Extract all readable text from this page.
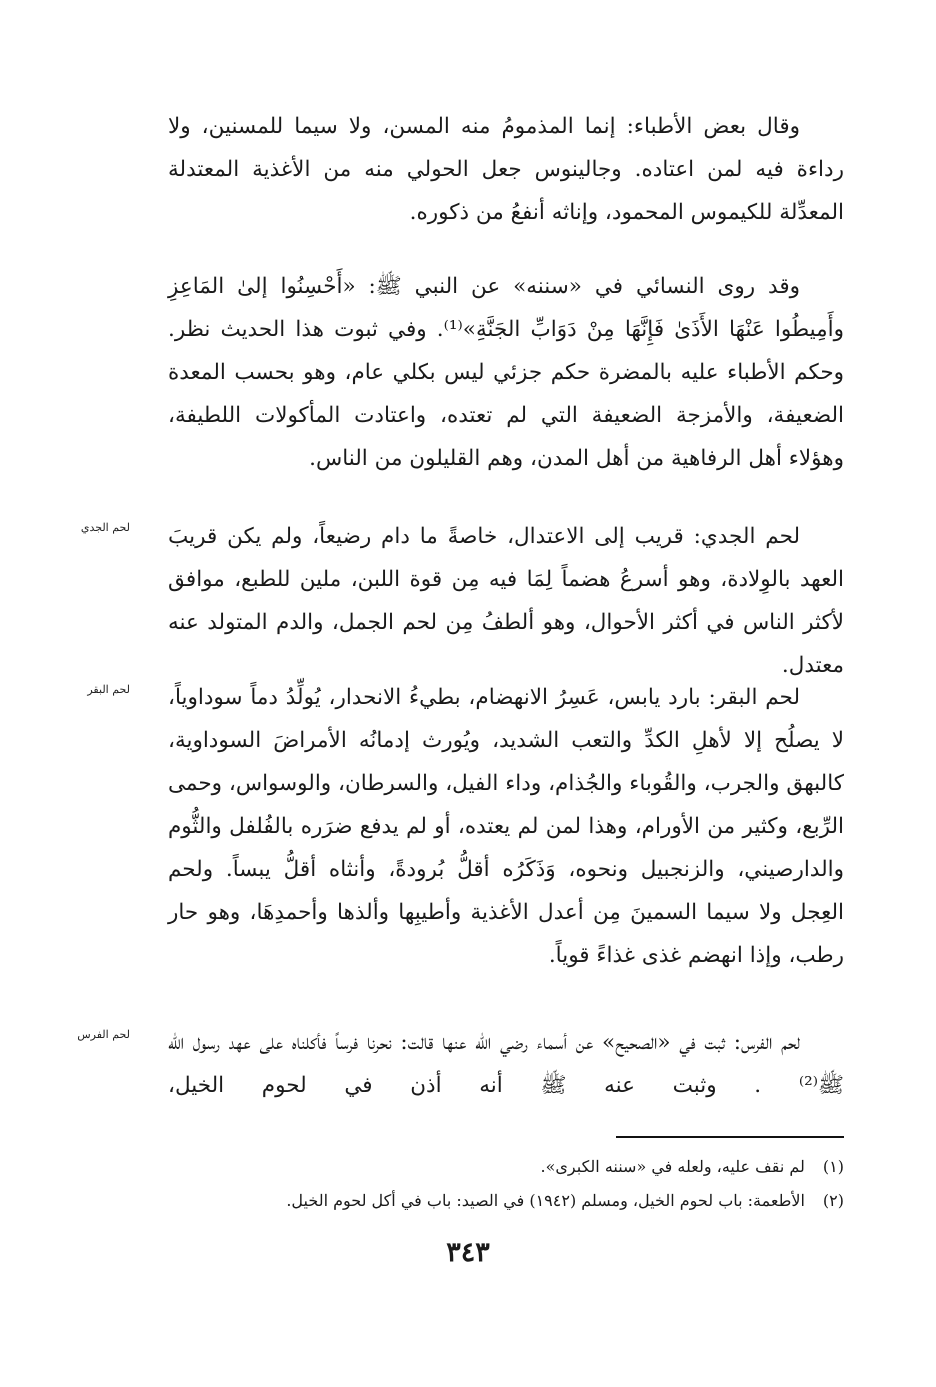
وقال بعض الأطباء: إنما المذمومُ منه المسن، ولا سيما للمسنين، ولا رداءة فيه لمن اعتاده. وجالينوس جعل الحولي منه من الأغذية المعتدلة المعدِّلة للكيموس المحمود، وإناثه أنفعُ من ذكوره.

وقد روى النسائي في «سننه» عن النبي ﷺ: «أَحْسِنُوا إلىٰ المَاعِزِ وأَمِيطُوا عَنْهَا الأَذَىٰ فَإِنَّهَا مِنْ دَوَابِّ الجَنَّةِ»⁽¹⁾. وفي ثبوت هذا الحديث نظر. وحكم الأطباء عليه بالمضرة حكم جزئي ليس بكلي عام، وهو بحسب المعدة الضعيفة، والأمزجة الضعيفة التي لم تعتده، واعتادت المأكولات اللطيفة، وهؤلاء أهل الرفاهية من أهل المدن، وهم القليلون من الناس.

لحم الجدي: قريب إلى الاعتدال، خاصةً ما دام رضيعاً، ولم يكن قريبَ العهد بالوِلادة، وهو أسرعُ هضماً لِمَا فيه مِن قوة اللبن، ملين للطبع، موافق لأكثر الناس في أكثر الأحوال، وهو ألطفُ مِن لحم الجمل، والدم المتولد عنه معتدل.

لحم البقر: بارد يابس، عَسِرُ الانهضام، بطيءُ الانحدار، يُولِّدُ دماً سوداوياً، لا يصلُح إلا لأهلِ الكدِّ والتعب الشديد، ويُورث إدمانُه الأمراضَ السوداوية، كالبهق والجرب، والقُوباء والجُذام، وداء الفيل، والسرطان، والوسواس، وحمى الرِّبع، وكثير من الأورام، وهذا لمن لم يعتده، أو لم يدفع ضرَره بالفُلفل والثُّوم والدارصيني، والزنجبيل ونحوه، وَذَكَرُه أقلُّ بُرودةً، وأنثاه أقلُّ يبساً. ولحم العِجل ولا سيما السمينَ مِن أعدل الأغذية وأطيبِها وألذها وأحمدِهَا، وهو حار رطب، وإذا انهضم غذى غذاءً قوياً.

لحم الفرس: ثبت في «الصحيح» عن أسماء رضي الله عنها قالت: نحرنا فرساً فأكلناه على عهد رسول الله ﷺ⁽²⁾ . وثبت عنه ﷺ أنه أذن في لحوم الخيل،

لحم الجدي
لحم البقر
لحم الفرس

(١) لم نقف عليه، ولعله في «سننه الكبرى».

(٢) الأطعمة: باب لحوم الخيل، ومسلم (١٩٤٢) في الصيد: باب في أكل لحوم الخيل.

٣٤٣
